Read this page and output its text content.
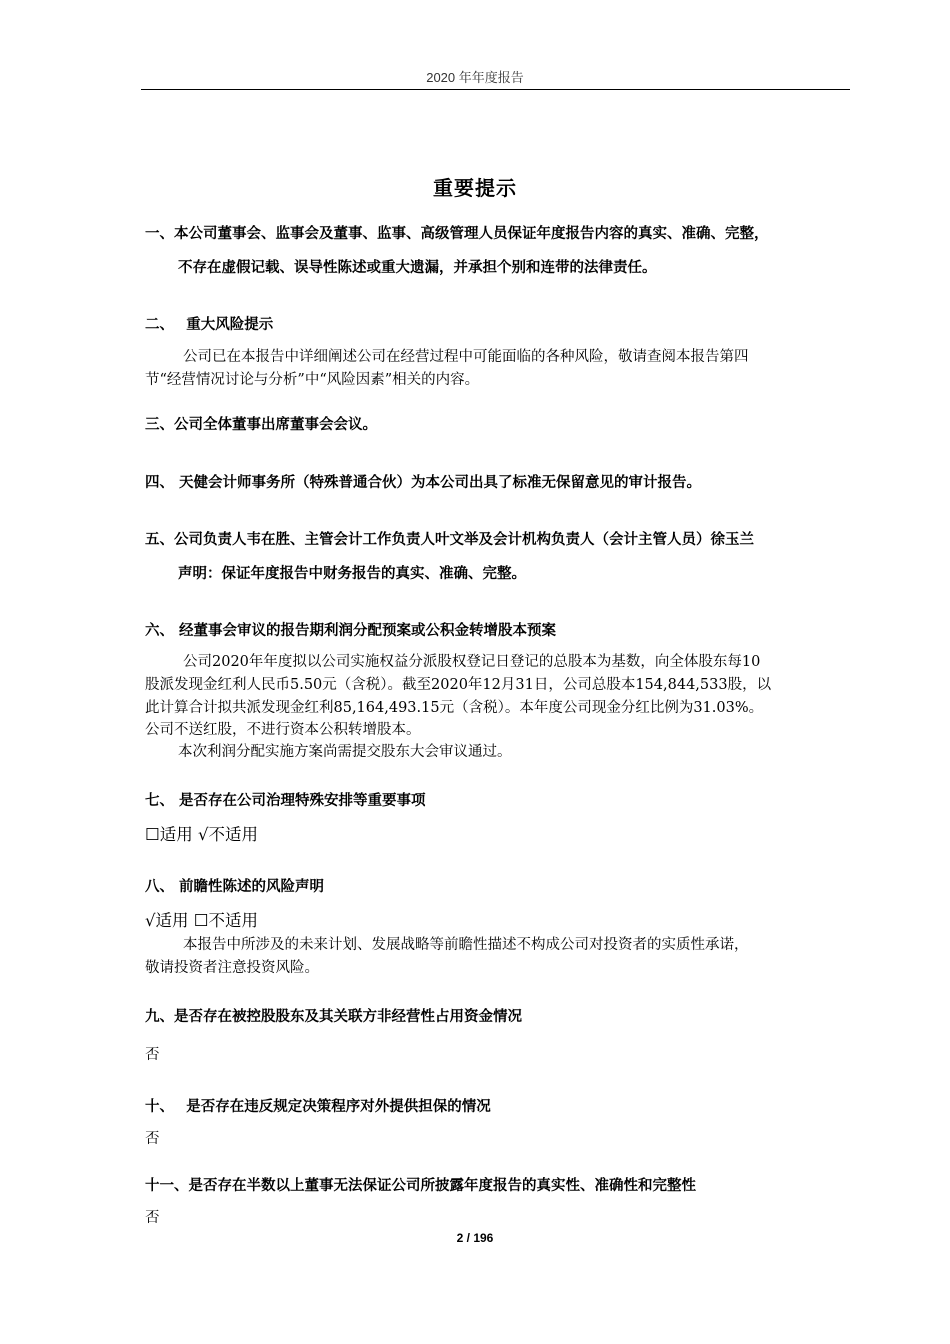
2020 年年度报告
重要提示
一、本公司董事会、监事会及董事、监事、高级管理人员保证年度报告内容的真实、准确、完整，
不存在虚假记载、误导性陈述或重大遗漏，并承担个别和连带的法律责任。
二、　 重大风险提示
公司已在本报告中详细阐述公司在经营过程中可能面临的各种风险，敬请查阅本报告第四
节“经营情况讨论与分析”中“风险因素”相关的内容。
三、公司全体董事出席董事会会议。
四、 天健会计师事务所（特殊普通合伙）为本公司出具了标准无保留意见的审计报告。
五、公司负责人韦在胜、主管会计工作负责人叶文举及会计机构负责人（会计主管人员）徐玉兰
声明：保证年度报告中财务报告的真实、准确、完整。
六、 经董事会审议的报告期利润分配预案或公积金转增股本预案
公司2020年年度拟以公司实施权益分派股权登记日登记的总股本为基数，向全体股东每10
股派发现金红利人民币5.50元（含税）。截至2020年12月31日，公司总股本154,844,533股，以
此计算合计拟共派发现金红利85,164,493.15元（含税）。本年度公司现金分红比例为31.03%。
公司不送红股，不进行资本公积转增股本。
本次利润分配实施方案尚需提交股东大会审议通过。
七、 是否存在公司治理特殊安排等重要事项
☐适用 √不适用
八、 前瞻性陈述的风险声明
√适用 ☐不适用
本报告中所涉及的未来计划、发展战略等前瞻性描述不构成公司对投资者的实质性承诺，
敬请投资者注意投资风险。
九、是否存在被控股股东及其关联方非经营性占用资金情况
否
十、　 是否存在违反规定决策程序对外提供担保的情况
否
十一、是否存在半数以上董事无法保证公司所披露年度报告的真实性、准确性和完整性
否
2 / 196
